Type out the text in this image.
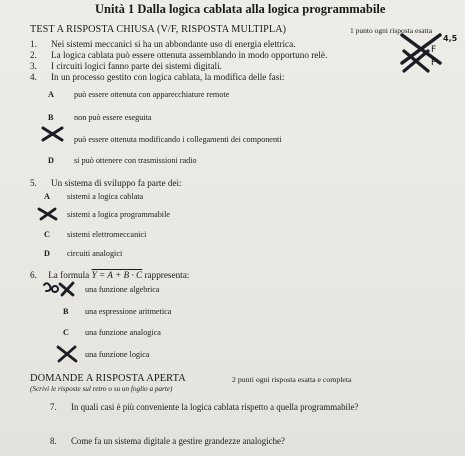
Unità 1 Dalla logica cablata alla logica programmabile
TEST A RISPOSTA CHIUSA (V/F, RISPOSTA MULTIPLA)	1 punto ogni risposta esatta
4,5
F
F
1. Nei sistemi meccanici si ha un abbondante uso di energia elettrica.
2. La logica cablata può essere ottenuta assemblando in modo opportuno relè.
3. I circuiti logici fanno parte dei sistemi digitali.
4. In un processo gestito con logica cablata, la modifica delle fasi:
A può essere ottenuta con apparecchiature remote
B	non può essere eseguita
può essere ottenuta modificando i collegamenti dei componenti
D si può ottenere con trasmissioni radio
5. Un sistema di sviluppo fa parte dei:
A sistemi a logica cablata
sistemi a logica programmabile
C sistemi elettromeccanici
D circuiti analogici
6. La formula Y = A + B · C rappresenta:
una funzione algebrica
B una espressione aritmetica
C una funzione analogica
una funzione logica
DOMANDE A RISPOSTA APERTA	2 punti ogni risposta esatta e completa
(Scrivi le risposte sul retro o su un foglio a parte)
7. In quali casi è più conveniente la logica cablata rispetto a quella programmabile?
8. Come fa un sistema digitale a gestire grandezze analogiche?
